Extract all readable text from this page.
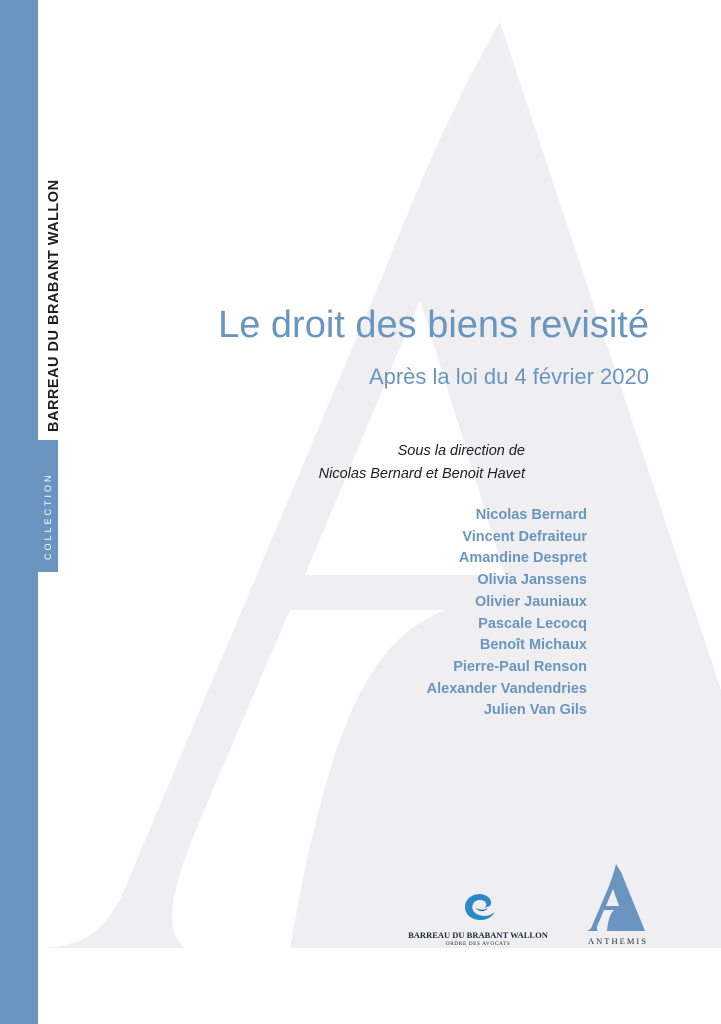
BARREAU DU BRABANT WALLON
COLLECTION
Le droit des biens revisité
Après la loi du 4 février 2020
Sous la direction de
Nicolas Bernard et Benoit Havet
Nicolas Bernard
Vincent Defraiteur
Amandine Despret
Olivia Janssens
Olivier Jauniaux
Pascale Lecocq
Benoît Michaux
Pierre-Paul Renson
Alexander Vandendries
Julien Van Gils
BARREAU DU BRABANT WALLON
ORDRE DES AVOCATS	ANTHEMIS
